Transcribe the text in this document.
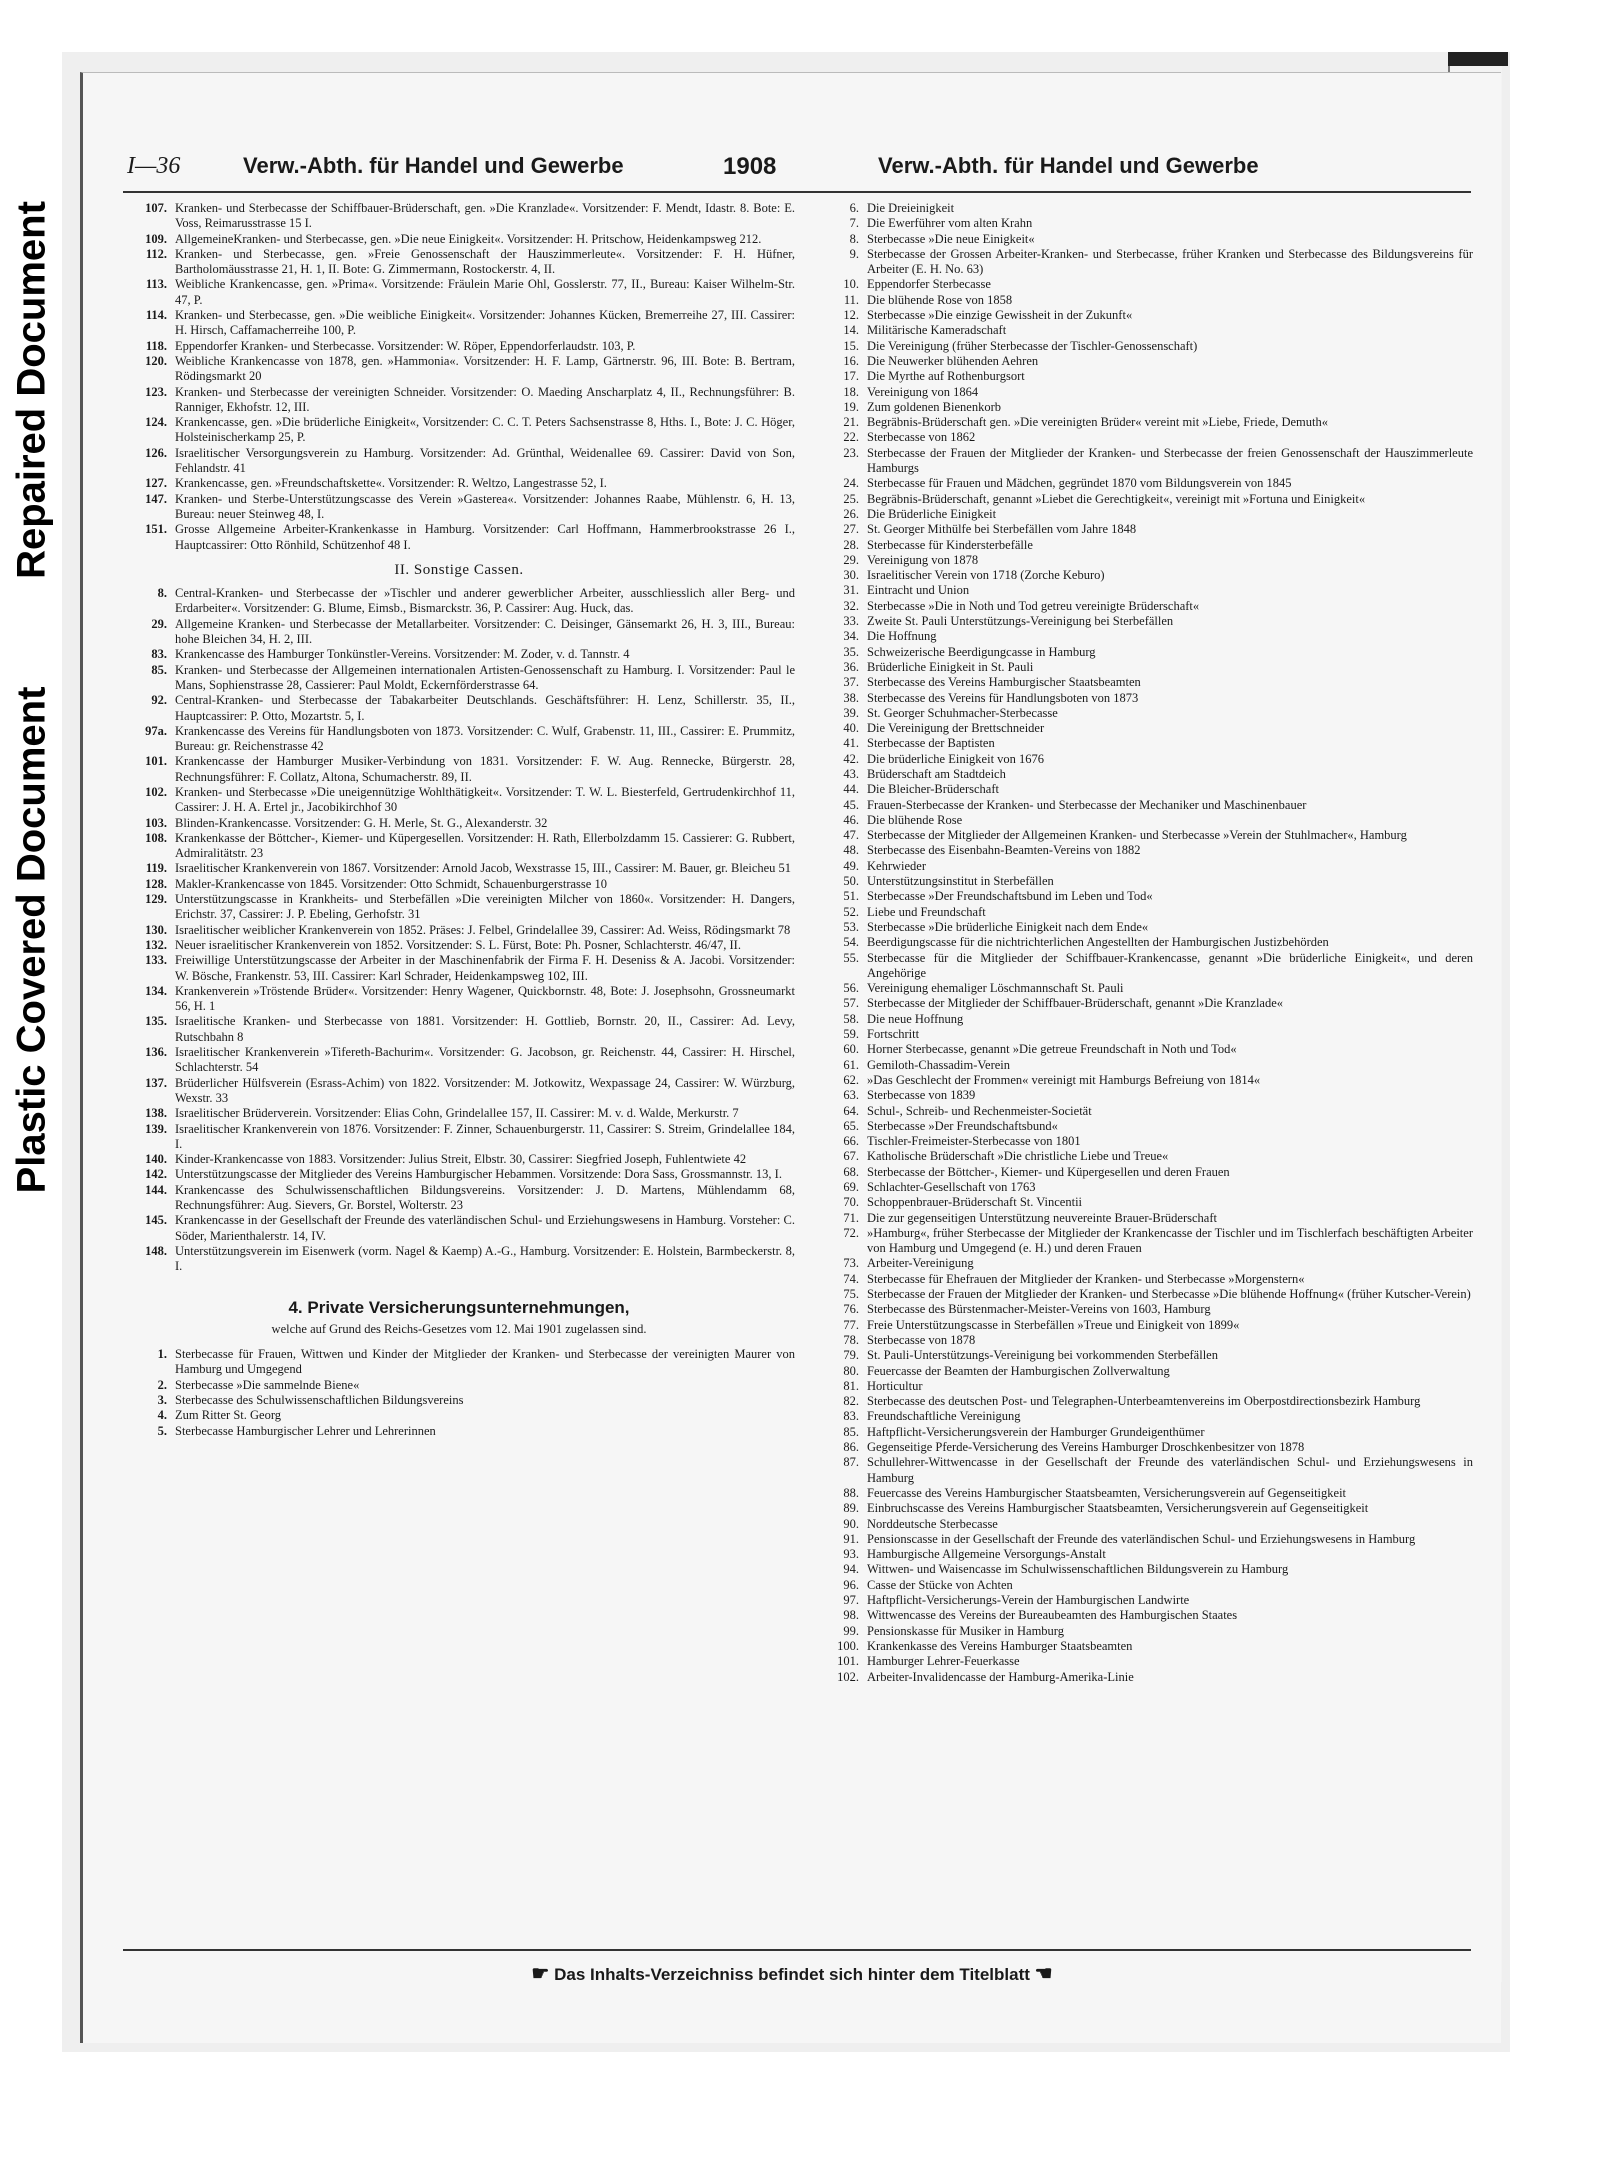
Plastic Covered Document
Repaired Document
I—36	Verw.-Abth. für Handel und Gewerbe	1908	Verw.-Abth. für Handel und Gewerbe
107. Kranken- und Sterbecasse der Schiffbauer-Brüderschaft, gen. »Die Kranzlade«. Vorsitzender: F. Mendt, Idastr. 8. Bote: E. Voss, Reimarusstrasse 15 I.
109. AllgemeineKranken- und Sterbecasse, gen. »Die neue Einigkeit«. Vorsitzender: H. Pritschow, Heidenkampsweg 212.
112. Kranken- und Sterbecasse, gen. »Freie Genossenschaft der Hauszimmerleute«. Vorsitzender: F. H. Hüfner, Bartholomäusstrasse 21, H. 1, II. Bote: G. Zimmermann, Rostockerstr. 4, II.
113. Weibliche Krankencasse, gen. »Prima«. Vorsitzende: Fräulein Marie Ohl, Gosslerstr. 77, II., Bureau: Kaiser Wilhelm-Str. 47, P.
114. Kranken- und Sterbecasse, gen. »Die weibliche Einigkeit«. Vorsitzender: Johannes Kücken, Bremerreihe 27, III. Cassirer: H. Hirsch, Caffamacherreihe 100, P.
118. Eppendorfer Kranken- und Sterbecasse. Vorsitzender: W. Röper, Eppendorferlaudstr. 103, P.
120. Weibliche Krankencasse von 1878, gen. »Hammonia«. Vorsitzender: H. F. Lamp, Gärtnerstr. 96, III. Bote: B. Bertram, Rödingsmarkt 20
123. Kranken- und Sterbecasse der vereinigten Schneider. Vorsitzender: O. Maeding Anscharplatz 4, II., Rechnungsführer: B. Ranniger, Ekhofstr. 12, III.
124. Krankencasse, gen. »Die brüderliche Einigkeit«, Vorsitzender: C. C. T. Peters Sachsenstrasse 8, Hths. I., Bote: J. C. Höger, Holsteinischerkamp 25, P.
126. Israelitischer Versorgungsverein zu Hamburg. Vorsitzender: Ad. Grünthal, Weidenallee 69. Cassirer: David von Son, Fehlandstr. 41
127. Krankencasse, gen. »Freundschaftskette«. Vorsitzender: R. Weltzo, Langestrasse 52, I.
147. Kranken- und Sterbe-Unterstützungscasse des Verein »Gasterea«. Vorsitzender: Johannes Raabe, Mühlenstr. 6, H. 13, Bureau: neuer Steinweg 48, I.
151. Grosse Allgemeine Arbeiter-Krankenkasse in Hamburg. Vorsitzender: Carl Hoffmann, Hammerbrookstrasse 26 I., Hauptcassirer: Otto Rönhild, Schützenhof 48 I.
II. Sonstige Cassen.
8. Central-Kranken- und Sterbecasse der »Tischler und anderer gewerblicher Arbeiter, ausschliesslich aller Berg- und Erdarbeiter«. Vorsitzender: G. Blume, Eimsb., Bismarckstr. 36, P. Cassirer: Aug. Huck, das.
29. Allgemeine Kranken- und Sterbecasse der Metallarbeiter. Vorsitzender: C. Deisinger, Gänsemarkt 26, H. 3, III., Bureau: hohe Bleichen 34, H. 2, III.
83. Krankencasse des Hamburger Tonkünstler-Vereins. Vorsitzender: M. Zoder, v. d. Tannstr. 4
85. Kranken- und Sterbecasse der Allgemeinen internationalen Artisten-Genossenschaft zu Hamburg. I. Vorsitzender: Paul le Mans, Sophienstrasse 28, Cassierer: Paul Moldt, Eckernförderstrasse 64.
92. Central-Kranken- und Sterbecasse der Tabakarbeiter Deutschlands. Geschäftsführer: H. Lenz, Schillerstr. 35, II., Hauptcassirer: P. Otto, Mozartstr. 5, I.
97a. Krankencasse des Vereins für Handlungsboten von 1873. Vorsitzender: C. Wulf, Grabenstr. 11, III., Cassirer: E. Prummitz, Bureau: gr. Reichenstrasse 42
101. Krankencasse der Hamburger Musiker-Verbindung von 1831. Vorsitzender: F. W. Aug. Rennecke, Bürgerstr. 28, Rechnungsführer: F. Collatz, Altona, Schumacherstr. 89, II.
102. Kranken- und Sterbecasse »Die uneigennützige Wohlthätigkeit«. Vorsitzender: T. W. L. Biesterfeld, Gertrudenkirchhof 11, Cassirer: J. H. A. Ertel jr., Jacobikirchhof 30
103. Blinden-Krankencasse. Vorsitzender: G. H. Merle, St. G., Alexanderstr. 32
108. Krankenkasse der Böttcher-, Kiemer- und Küpergesellen. Vorsitzender: H. Rath, Ellerbolzdamm 15. Cassierer: G. Rubbert, Admiralitätstr. 23
119. Israelitischer Krankenverein von 1867. Vorsitzender: Arnold Jacob, Wexstrasse 15, III., Cassirer: M. Bauer, gr. Bleicheu 51
128. Makler-Krankencasse von 1845. Vorsitzender: Otto Schmidt, Schauenburgerstrasse 10
129. Unterstützungscasse in Krankheits- und Sterbefällen »Die vereinigten Milcher von 1860«. Vorsitzender: H. Dangers, Erichstr. 37, Cassirer: J. P. Ebeling, Gerhofstr. 31
130. Israelitischer weiblicher Krankenverein von 1852. Präses: J. Felbel, Grindelallee 39, Cassirer: Ad. Weiss, Rödingsmarkt 78
132. Neuer israelitischer Krankenverein von 1852. Vorsitzender: S. L. Fürst, Bote: Ph. Posner, Schlachterstr. 46/47, II.
133. Freiwillige Unterstützungscasse der Arbeiter in der Maschinenfabrik der Firma F. H. Deseniss & A. Jacobi. Vorsitzender: W. Bösche, Frankenstr. 53, III. Cassirer: Karl Schrader, Heidenkampsweg 102, III.
134. Krankenverein »Tröstende Brüder«. Vorsitzender: Henry Wagener, Quickbornstr. 48, Bote: J. Josephsohn, Grossneumarkt 56, H. 1
135. Israelitische Kranken- und Sterbecasse von 1881. Vorsitzender: H. Gottlieb, Bornstr. 20, II., Cassirer: Ad. Levy, Rutschbahn 8
136. Israelitischer Krankenverein »Tifereth-Bachurim«. Vorsitzender: G. Jacobson, gr. Reichenstr. 44, Cassirer: H. Hirschel, Schlachterstr. 54
137. Brüderlicher Hülfsverein (Esrass-Achim) von 1822. Vorsitzender: M. Jotkowitz, Wexpassage 24, Cassirer: W. Würzburg, Wexstr. 33
138. Israelitischer Brüderverein. Vorsitzender: Elias Cohn, Grindelallee 157, II. Cassirer: M. v. d. Walde, Merkurstr. 7
139. Israelitischer Krankenverein von 1876. Vorsitzender: F. Zinner, Schauenburgerstr. 11, Cassirer: S. Streim, Grindelallee 184, I.
140. Kinder-Krankencasse von 1883. Vorsitzender: Julius Streit, Elbstr. 30, Cassirer: Siegfried Joseph, Fuhlentwiete 42
142. Unterstützungscasse der Mitglieder des Vereins Hamburgischer Hebammen. Vorsitzende: Dora Sass, Grossmannstr. 13, I.
144. Krankencasse des Schulwissenschaftlichen Bildungsvereins. Vorsitzender: J. D. Martens, Mühlendamm 68, Rechnungsführer: Aug. Sievers, Gr. Borstel, Wolterstr. 23
145. Krankencasse in der Gesellschaft der Freunde des vaterländischen Schul- und Erziehungswesens in Hamburg. Vorsteher: C. Söder, Marienthalerstr. 14, IV.
148. Unterstützungsverein im Eisenwerk (vorm. Nagel & Kaemp) A.-G., Hamburg. Vorsitzender: E. Holstein, Barmbeckerstr. 8, I.
4. Private Versicherungsunternehmungen,
welche auf Grund des Reichs-Gesetzes vom 12. Mai 1901 zugelassen sind.
1. Sterbecasse für Frauen, Wittwen und Kinder der Mitglieder der Kranken- und Sterbecasse der vereinigten Maurer von Hamburg und Umgegend
2. Sterbecasse »Die sammelnde Biene«
3. Sterbecasse des Schulwissenschaftlichen Bildungsvereins
4. Zum Ritter St. Georg
5. Sterbecasse Hamburgischer Lehrer und Lehrerinnen
6. Die Dreieinigkeit
7. Die Ewerführer vom alten Krahn
8. Sterbecasse »Die neue Einigkeit«
9. Sterbecasse der Grossen Arbeiter-Kranken- und Sterbecasse, früher Kranken und Sterbecasse des Bildungsvereins für Arbeiter (E. H. No. 63)
10. Eppendorfer Sterbecasse
11. Die blühende Rose von 1858
12. Sterbecasse »Die einzige Gewissheit in der Zukunft«
14. Militärische Kameradschaft
15. Die Vereinigung (früher Sterbecasse der Tischler-Genossenschaft)
16. Die Neuwerker blühenden Aehren
17. Die Myrthe auf Rothenburgsort
18. Vereinigung von 1864
19. Zum goldenen Bienenkorb
21. Begräbnis-Brüderschaft gen. »Die vereinigten Brüder« vereint mit »Liebe, Friede, Demuth«
22. Sterbecasse von 1862
23. Sterbecasse der Frauen der Mitglieder der Kranken- und Sterbecasse der freien Genossenschaft der Hauszimmerleute Hamburgs
24. Sterbecasse für Frauen und Mädchen, gegründet 1870 vom Bildungsverein von 1845
25. Begräbnis-Brüderschaft, genannt »Liebet die Gerechtigkeit«, vereinigt mit »Fortuna und Einigkeit«
26. Die Brüderliche Einigkeit
27. St. Georger Mithülfe bei Sterbefällen vom Jahre 1848
28. Sterbecasse für Kindersterbefälle
29. Vereinigung von 1878
30. Israelitischer Verein von 1718 (Zorche Keburo)
31. Eintracht und Union
32. Sterbecasse »Die in Noth und Tod getreu vereinigte Brüderschaft«
33. Zweite St. Pauli Unterstützungs-Vereinigung bei Sterbefällen
34. Die Hoffnung
35. Schweizerische Beerdigungcasse in Hamburg
36. Brüderliche Einigkeit in St. Pauli
37. Sterbecasse des Vereins Hamburgischer Staatsbeamten
38. Sterbecasse des Vereins für Handlungsboten von 1873
39. St. Georger Schuhmacher-Sterbecasse
40. Die Vereinigung der Brettschneider
41. Sterbecasse der Baptisten
42. Die brüderliche Einigkeit von 1676
43. Brüderschaft am Stadtdeich
44. Die Bleicher-Brüderschaft
45. Frauen-Sterbecasse der Kranken- und Sterbecasse der Mechaniker und Maschinenbauer
46. Die blühende Rose
47. Sterbecasse der Mitglieder der Allgemeinen Kranken- und Sterbecasse »Verein der Stuhlmacher«, Hamburg
48. Sterbecasse des Eisenbahn-Beamten-Vereins von 1882
49. Kehrwieder
50. Unterstützungsinstitut in Sterbefällen
51. Sterbecasse »Der Freundschaftsbund im Leben und Tod«
52. Liebe und Freundschaft
53. Sterbecasse »Die brüderliche Einigkeit nach dem Ende«
54. Beerdigungscasse für die nichtrichterlichen Angestellten der Hamburgischen Justizbehörden
55. Sterbecasse für die Mitglieder der Schiffbauer-Krankencasse, genannt »Die brüderliche Einigkeit«, und deren Angehörige
56. Vereinigung ehemaliger Löschmannschaft St. Pauli
57. Sterbecasse der Mitglieder der Schiffbauer-Brüderschaft, genannt »Die Kranzlade«
58. Die neue Hoffnung
59. Fortschritt
60. Horner Sterbecasse, genannt »Die getreue Freundschaft in Noth und Tod«
61. Gemiloth-Chassadim-Verein
62. »Das Geschlecht der Frommen« vereinigt mit Hamburgs Befreiung von 1814«
63. Sterbecasse von 1839
64. Schul-, Schreib- und Rechenmeister-Societät
65. Sterbecasse »Der Freundschaftsbund«
66. Tischler-Freimeister-Sterbecasse von 1801
67. Katholische Brüderschaft »Die christliche Liebe und Treue«
68. Sterbecasse der Böttcher-, Kiemer- und Küpergesellen und deren Frauen
69. Schlachter-Gesellschaft von 1763
70. Schoppenbrauer-Brüderschaft St. Vincentii
71. Die zur gegenseitigen Unterstützung neuvereinte Brauer-Brüderschaft
72. »Hamburg«, früher Sterbecasse der Mitglieder der Krankencasse der Tischler und im Tischlerfach beschäftigten Arbeiter von Hamburg und Umgegend (e. H.) und deren Frauen
73. Arbeiter-Vereinigung
74. Sterbecasse für Ehefrauen der Mitglieder der Kranken- und Sterbecasse »Morgenstern«
75. Sterbecasse der Frauen der Mitglieder der Kranken- und Sterbecasse »Die blühende Hoffnung« (früher Kutscher-Verein)
76. Sterbecasse des Bürstenmacher-Meister-Vereins von 1603, Hamburg
77. Freie Unterstützungscasse in Sterbefällen »Treue und Einigkeit von 1899«
78. Sterbecasse von 1878
79. St. Pauli-Unterstützungs-Vereinigung bei vorkommenden Sterbefällen
80. Feuercasse der Beamten der Hamburgischen Zollverwaltung
81. Horticultur
82. Sterbecasse des deutschen Post- und Telegraphen-Unterbeamtenvereins im Oberpostdirectionsbezirk Hamburg
83. Freundschaftliche Vereinigung
85. Haftpflicht-Versicherungsverein der Hamburger Grundeigenthümer
86. Gegenseitige Pferde-Versicherung des Vereins Hamburger Droschkenbesitzer von 1878
87. Schullehrer-Wittwencasse in der Gesellschaft der Freunde des vaterländischen Schul- und Erziehungswesens in Hamburg
88. Feuercasse des Vereins Hamburgischer Staatsbeamten, Versicherungsverein auf Gegenseitigkeit
89. Einbruchscasse des Vereins Hamburgischer Staatsbeamten, Versicherungsverein auf Gegenseitigkeit
90. Norddeutsche Sterbecasse
91. Pensionscasse in der Gesellschaft der Freunde des vaterländischen Schul- und Erziehungswesens in Hamburg
93. Hamburgische Allgemeine Versorgungs-Anstalt
94. Wittwen- und Waisencasse im Schulwissenschaftlichen Bildungsverein zu Hamburg
96. Casse der Stücke von Achten
97. Haftpflicht-Versicherungs-Verein der Hamburgischen Landwirte
98. Wittwencasse des Vereins der Bureaubeamten des Hamburgischen Staates
99. Pensionskasse für Musiker in Hamburg
100. Krankenkasse des Vereins Hamburger Staatsbeamten
101. Hamburger Lehrer-Feuerkasse
102. Arbeiter-Invalidencasse der Hamburg-Amerika-Linie
☛ Das Inhalts-Verzeichniss befindet sich hinter dem Titelblatt ☚
